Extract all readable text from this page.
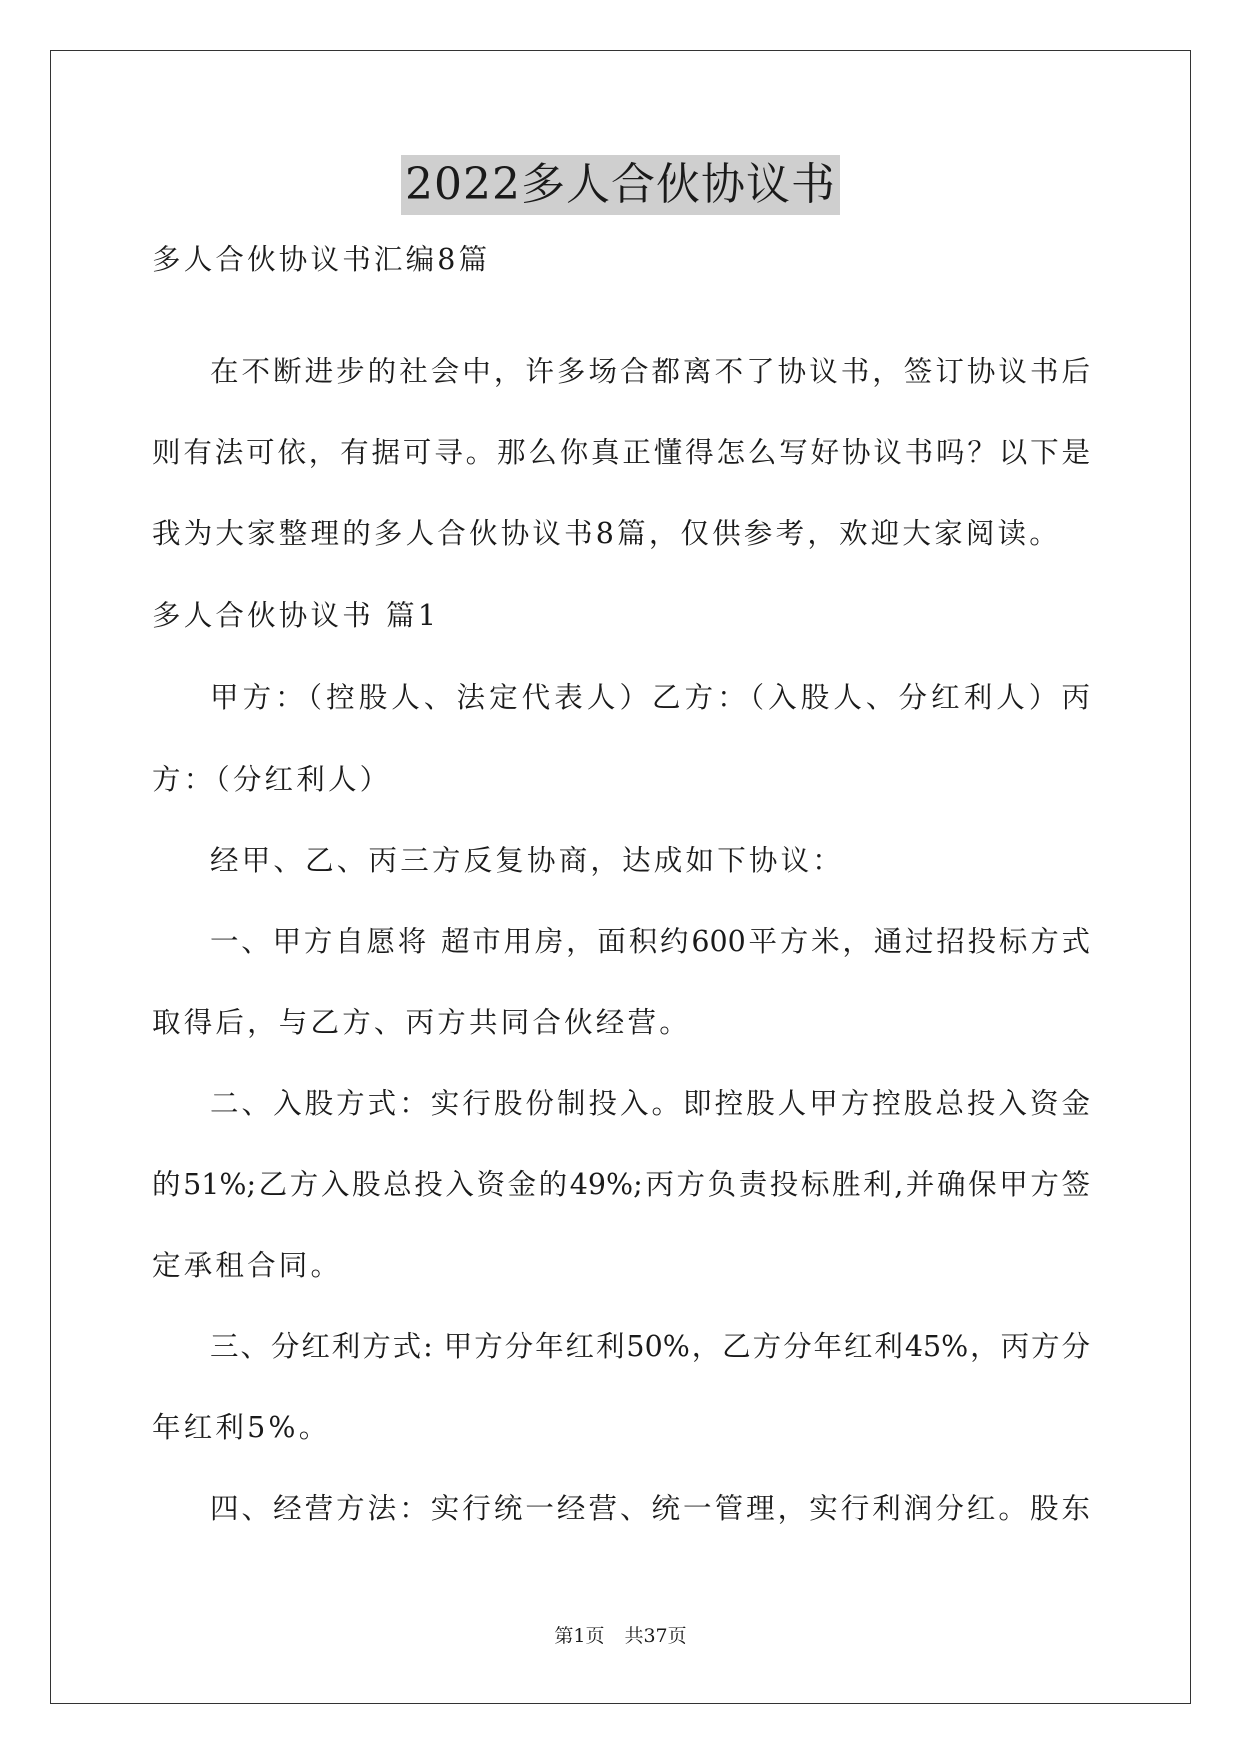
2022多人合伙协议书
多人合伙协议书汇编8篇
在不断进步的社会中，许多场合都离不了协议书，签订协议书后
则有法可依，有据可寻。那么你真正懂得怎么写好协议书吗？以下是
我为大家整理的多人合伙协议书8篇，仅供参考，欢迎大家阅读。
多人合伙协议书 篇1
甲方：（控股人、法定代表人）乙方：（入股人、分红利人）丙
方：（分红利人）
经甲、乙、丙三方反复协商，达成如下协议：
一、甲方自愿将 超市用房，面积约600平方米，通过招投标方式
取得后，与乙方、丙方共同合伙经营。
二、入股方式：实行股份制投入。即控股人甲方控股总投入资金
的51%;乙方入股总投入资金的49%;丙方负责投标胜利,并确保甲方签
定承租合同。
三、分红利方式: 甲方分年红利50%，乙方分年红利45%，丙方分
年红利5%。
四、经营方法：实行统一经营、统一管理，实行利润分红。股东
第1页 共37页
